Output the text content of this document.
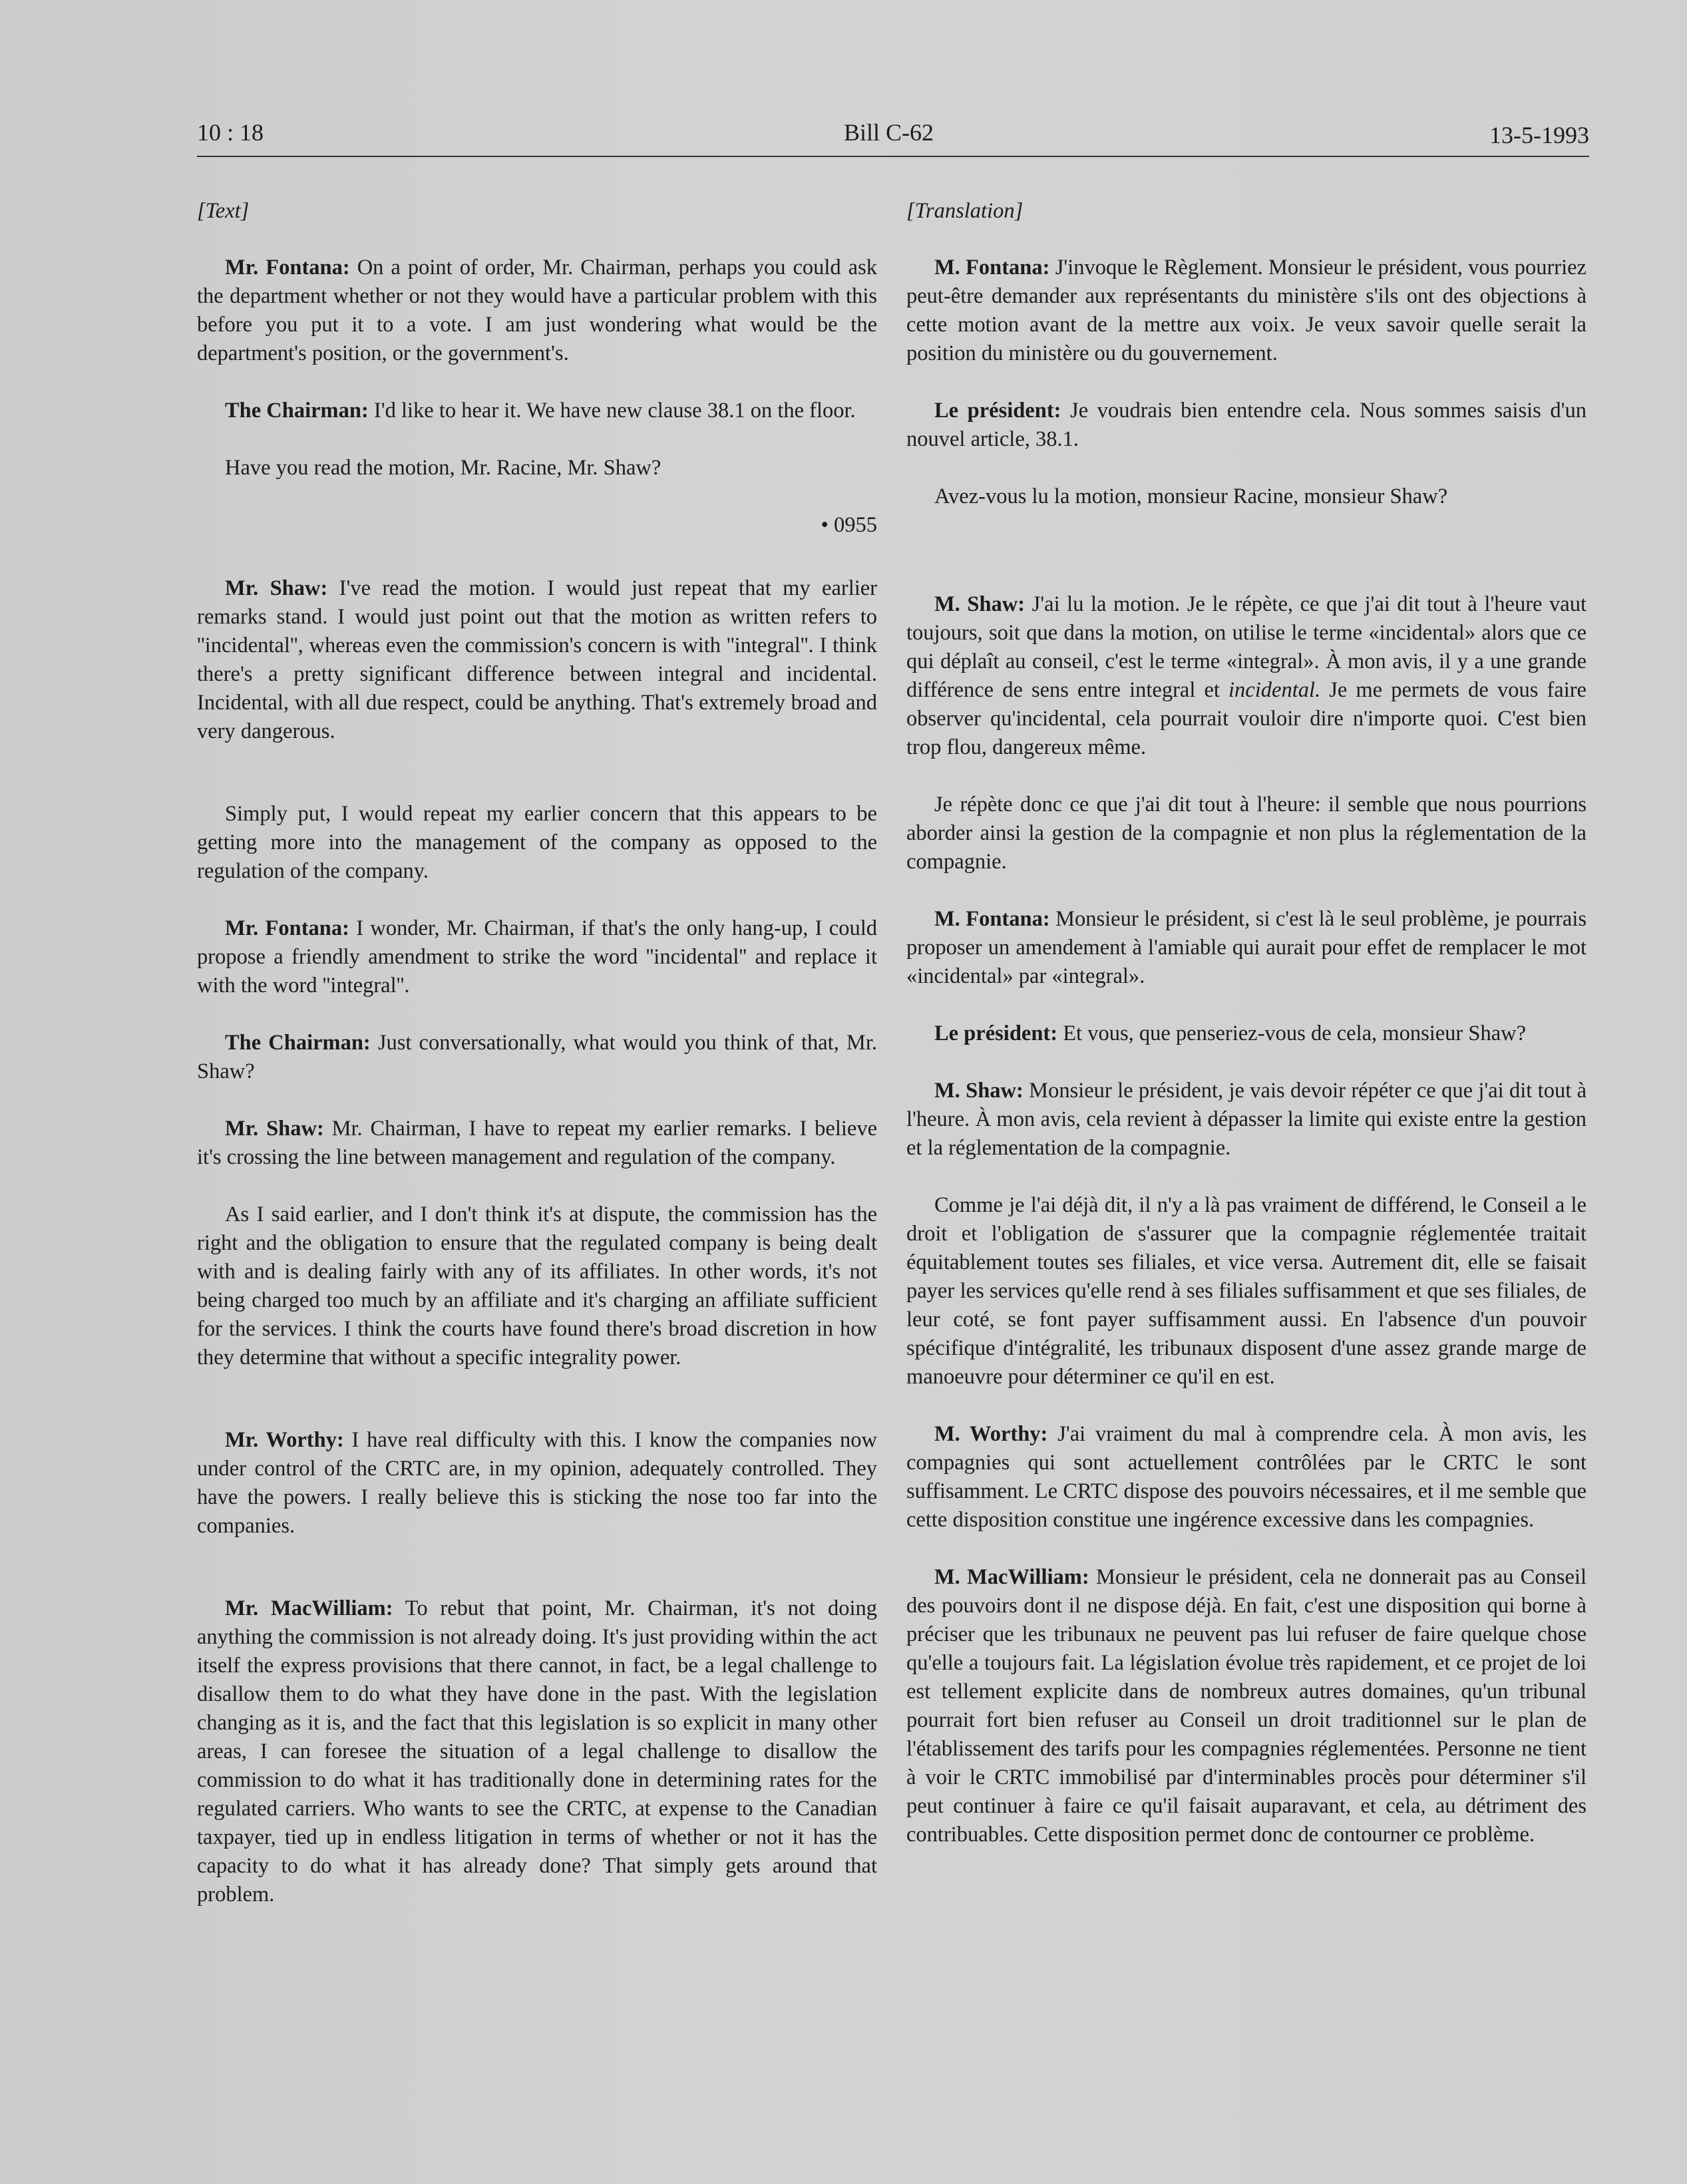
10 : 18	Bill C-62	13-5-1993

[Text]

Mr. Fontana: On a point of order, Mr. Chairman, perhaps you could ask the department whether or not they would have a particular problem with this before you put it to a vote. I am just wondering what would be the department's position, or the government's.

The Chairman: I'd like to hear it. We have new clause 38.1 on the floor.

Have you read the motion, Mr. Racine, Mr. Shaw?

• 0955

Mr. Shaw: I've read the motion. I would just repeat that my earlier remarks stand. I would just point out that the motion as written refers to ''incidental'', whereas even the commission's concern is with ''integral''. I think there's a pretty significant difference between integral and incidental. Incidental, with all due respect, could be anything. That's extremely broad and very dangerous.

Simply put, I would repeat my earlier concern that this appears to be getting more into the management of the company as opposed to the regulation of the company.

Mr. Fontana: I wonder, Mr. Chairman, if that's the only hang-up, I could propose a friendly amendment to strike the word ''incidental'' and replace it with the word ''integral''.

The Chairman: Just conversationally, what would you think of that, Mr. Shaw?

Mr. Shaw: Mr. Chairman, I have to repeat my earlier remarks. I believe it's crossing the line between management and regulation of the company.

As I said earlier, and I don't think it's at dispute, the commission has the right and the obligation to ensure that the regulated company is being dealt with and is dealing fairly with any of its affiliates. In other words, it's not being charged too much by an affiliate and it's charging an affiliate sufficient for the services. I think the courts have found there's broad discretion in how they determine that without a specific integrality power.

Mr. Worthy: I have real difficulty with this. I know the companies now under control of the CRTC are, in my opinion, adequately controlled. They have the powers. I really believe this is sticking the nose too far into the companies.

Mr. MacWilliam: To rebut that point, Mr. Chairman, it's not doing anything the commission is not already doing. It's just providing within the act itself the express provisions that there cannot, in fact, be a legal challenge to disallow them to do what they have done in the past. With the legislation changing as it is, and the fact that this legislation is so explicit in many other areas, I can foresee the situation of a legal challenge to disallow the commission to do what it has traditionally done in determining rates for the regulated carriers. Who wants to see the CRTC, at expense to the Canadian taxpayer, tied up in endless litigation in terms of whether or not it has the capacity to do what it has already done? That simply gets around that problem.

[Translation]

M. Fontana: J'invoque le Règlement. Monsieur le président, vous pourriez peut-être demander aux représentants du ministère s'ils ont des objections à cette motion avant de la mettre aux voix. Je veux savoir quelle serait la position du ministère ou du gouvernement.

Le président: Je voudrais bien entendre cela. Nous sommes saisis d'un nouvel article, 38.1.

Avez-vous lu la motion, monsieur Racine, monsieur Shaw?

M. Shaw: J'ai lu la motion. Je le répète, ce que j'ai dit tout à l'heure vaut toujours, soit que dans la motion, on utilise le terme «incidental» alors que ce qui déplaît au conseil, c'est le terme «integral». À mon avis, il y a une grande différence de sens entre integral et incidental. Je me permets de vous faire observer qu'incidental, cela pourrait vouloir dire n'importe quoi. C'est bien trop flou, dangereux même.

Je répète donc ce que j'ai dit tout à l'heure: il semble que nous pourrions aborder ainsi la gestion de la compagnie et non plus la réglementation de la compagnie.

M. Fontana: Monsieur le président, si c'est là le seul problème, je pourrais proposer un amendement à l'amiable qui aurait pour effet de remplacer le mot «incidental» par «integral».

Le président: Et vous, que penseriez-vous de cela, monsieur Shaw?

M. Shaw: Monsieur le président, je vais devoir répéter ce que j'ai dit tout à l'heure. À mon avis, cela revient à dépasser la limite qui existe entre la gestion et la réglementation de la compagnie.

Comme je l'ai déjà dit, il n'y a là pas vraiment de différend, le Conseil a le droit et l'obligation de s'assurer que la compagnie réglementée traitait équitablement toutes ses filiales, et vice versa. Autrement dit, elle se faisait payer les services qu'elle rend à ses filiales suffisamment et que ses filiales, de leur coté, se font payer suffisamment aussi. En l'absence d'un pouvoir spécifique d'intégralité, les tribunaux disposent d'une assez grande marge de manoeuvre pour déterminer ce qu'il en est.

M. Worthy: J'ai vraiment du mal à comprendre cela. À mon avis, les compagnies qui sont actuellement contrôlées par le CRTC le sont suffisamment. Le CRTC dispose des pouvoirs nécessaires, et il me semble que cette disposition constitue une ingérence excessive dans les compagnies.

M. MacWilliam: Monsieur le président, cela ne donnerait pas au Conseil des pouvoirs dont il ne dispose déjà. En fait, c'est une disposition qui borne à préciser que les tribunaux ne peuvent pas lui refuser de faire quelque chose qu'elle a toujours fait. La législation évolue très rapidement, et ce projet de loi est tellement explicite dans de nombreux autres domaines, qu'un tribunal pourrait fort bien refuser au Conseil un droit traditionnel sur le plan de l'établissement des tarifs pour les compagnies réglementées. Personne ne tient à voir le CRTC immobilisé par d'interminables procès pour déterminer s'il peut continuer à faire ce qu'il faisait auparavant, et cela, au détriment des contribuables. Cette disposition permet donc de contourner ce problème.
